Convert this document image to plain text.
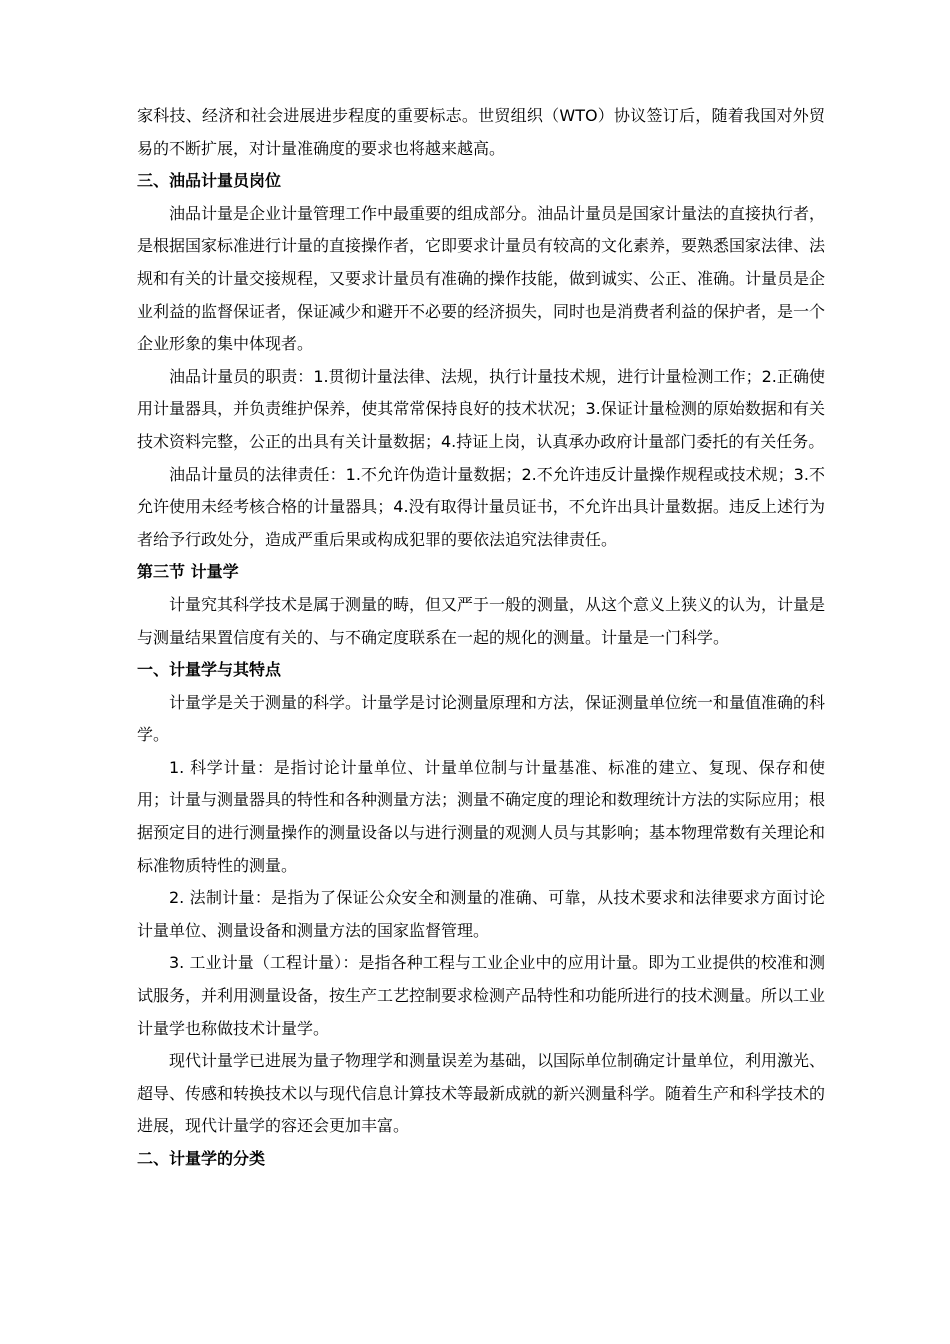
家科技、经济和社会进展进步程度的重要标志。世贸组织（WTO）协议签订后，随着我国对外贸易的不断扩展，对计量准确度的要求也将越来越高。

三、油品计量员岗位

油品计量是企业计量管理工作中最重要的组成部分。油品计量员是国家计量法的直接执行者，是根据国家标准进行计量的直接操作者，它即要求计量员有较高的文化素养，要熟悉国家法律、法规和有关的计量交接规程，又要求计量员有准确的操作技能，做到诚实、公正、准确。计量员是企业利益的监督保证者，保证减少和避开不必要的经济损失，同时也是消费者利益的保护者，是一个企业形象的集中体现者。

油品计量员的职责：1.贯彻计量法律、法规，执行计量技术规，进行计量检测工作；2.正确使用计量器具，并负责维护保养，使其常常保持良好的技术状况；3.保证计量检测的原始数据和有关技术资料完整，公正的出具有关计量数据；4.持证上岗，认真承办政府计量部门委托的有关任务。

油品计量员的法律责任：1.不允许伪造计量数据；2.不允许违反计量操作规程或技术规；3.不允许使用未经考核合格的计量器具；4.没有取得计量员证书，不允许出具计量数据。违反上述行为者给予行政处分，造成严重后果或构成犯罪的要依法追究法律责任。

第三节 计量学

计量究其科学技术是属于测量的畴，但又严于一般的测量，从这个意义上狭义的认为，计量是与测量结果置信度有关的、与不确定度联系在一起的规化的测量。计量是一门科学。

一、计量学与其特点

计量学是关于测量的科学。计量学是讨论测量原理和方法，保证测量单位统一和量值准确的科学。

1. 科学计量：是指讨论计量单位、计量单位制与计量基准、标准的建立、复现、保存和使用；计量与测量器具的特性和各种测量方法；测量不确定度的理论和数理统计方法的实际应用；根据预定目的进行测量操作的测量设备以与进行测量的观测人员与其影响；基本物理常数有关理论和标准物质特性的测量。

2. 法制计量：是指为了保证公众安全和测量的准确、可靠，从技术要求和法律要求方面讨论计量单位、测量设备和测量方法的国家监督管理。

3. 工业计量（工程计量）：是指各种工程与工业企业中的应用计量。即为工业提供的校准和测试服务，并利用测量设备，按生产工艺控制要求检测产品特性和功能所进行的技术测量。所以工业计量学也称做技术计量学。

现代计量学已进展为量子物理学和测量误差为基础，以国际单位制确定计量单位，利用激光、超导、传感和转换技术以与现代信息计算技术等最新成就的新兴测量科学。随着生产和科学技术的进展，现代计量学的容还会更加丰富。

二、计量学的分类
